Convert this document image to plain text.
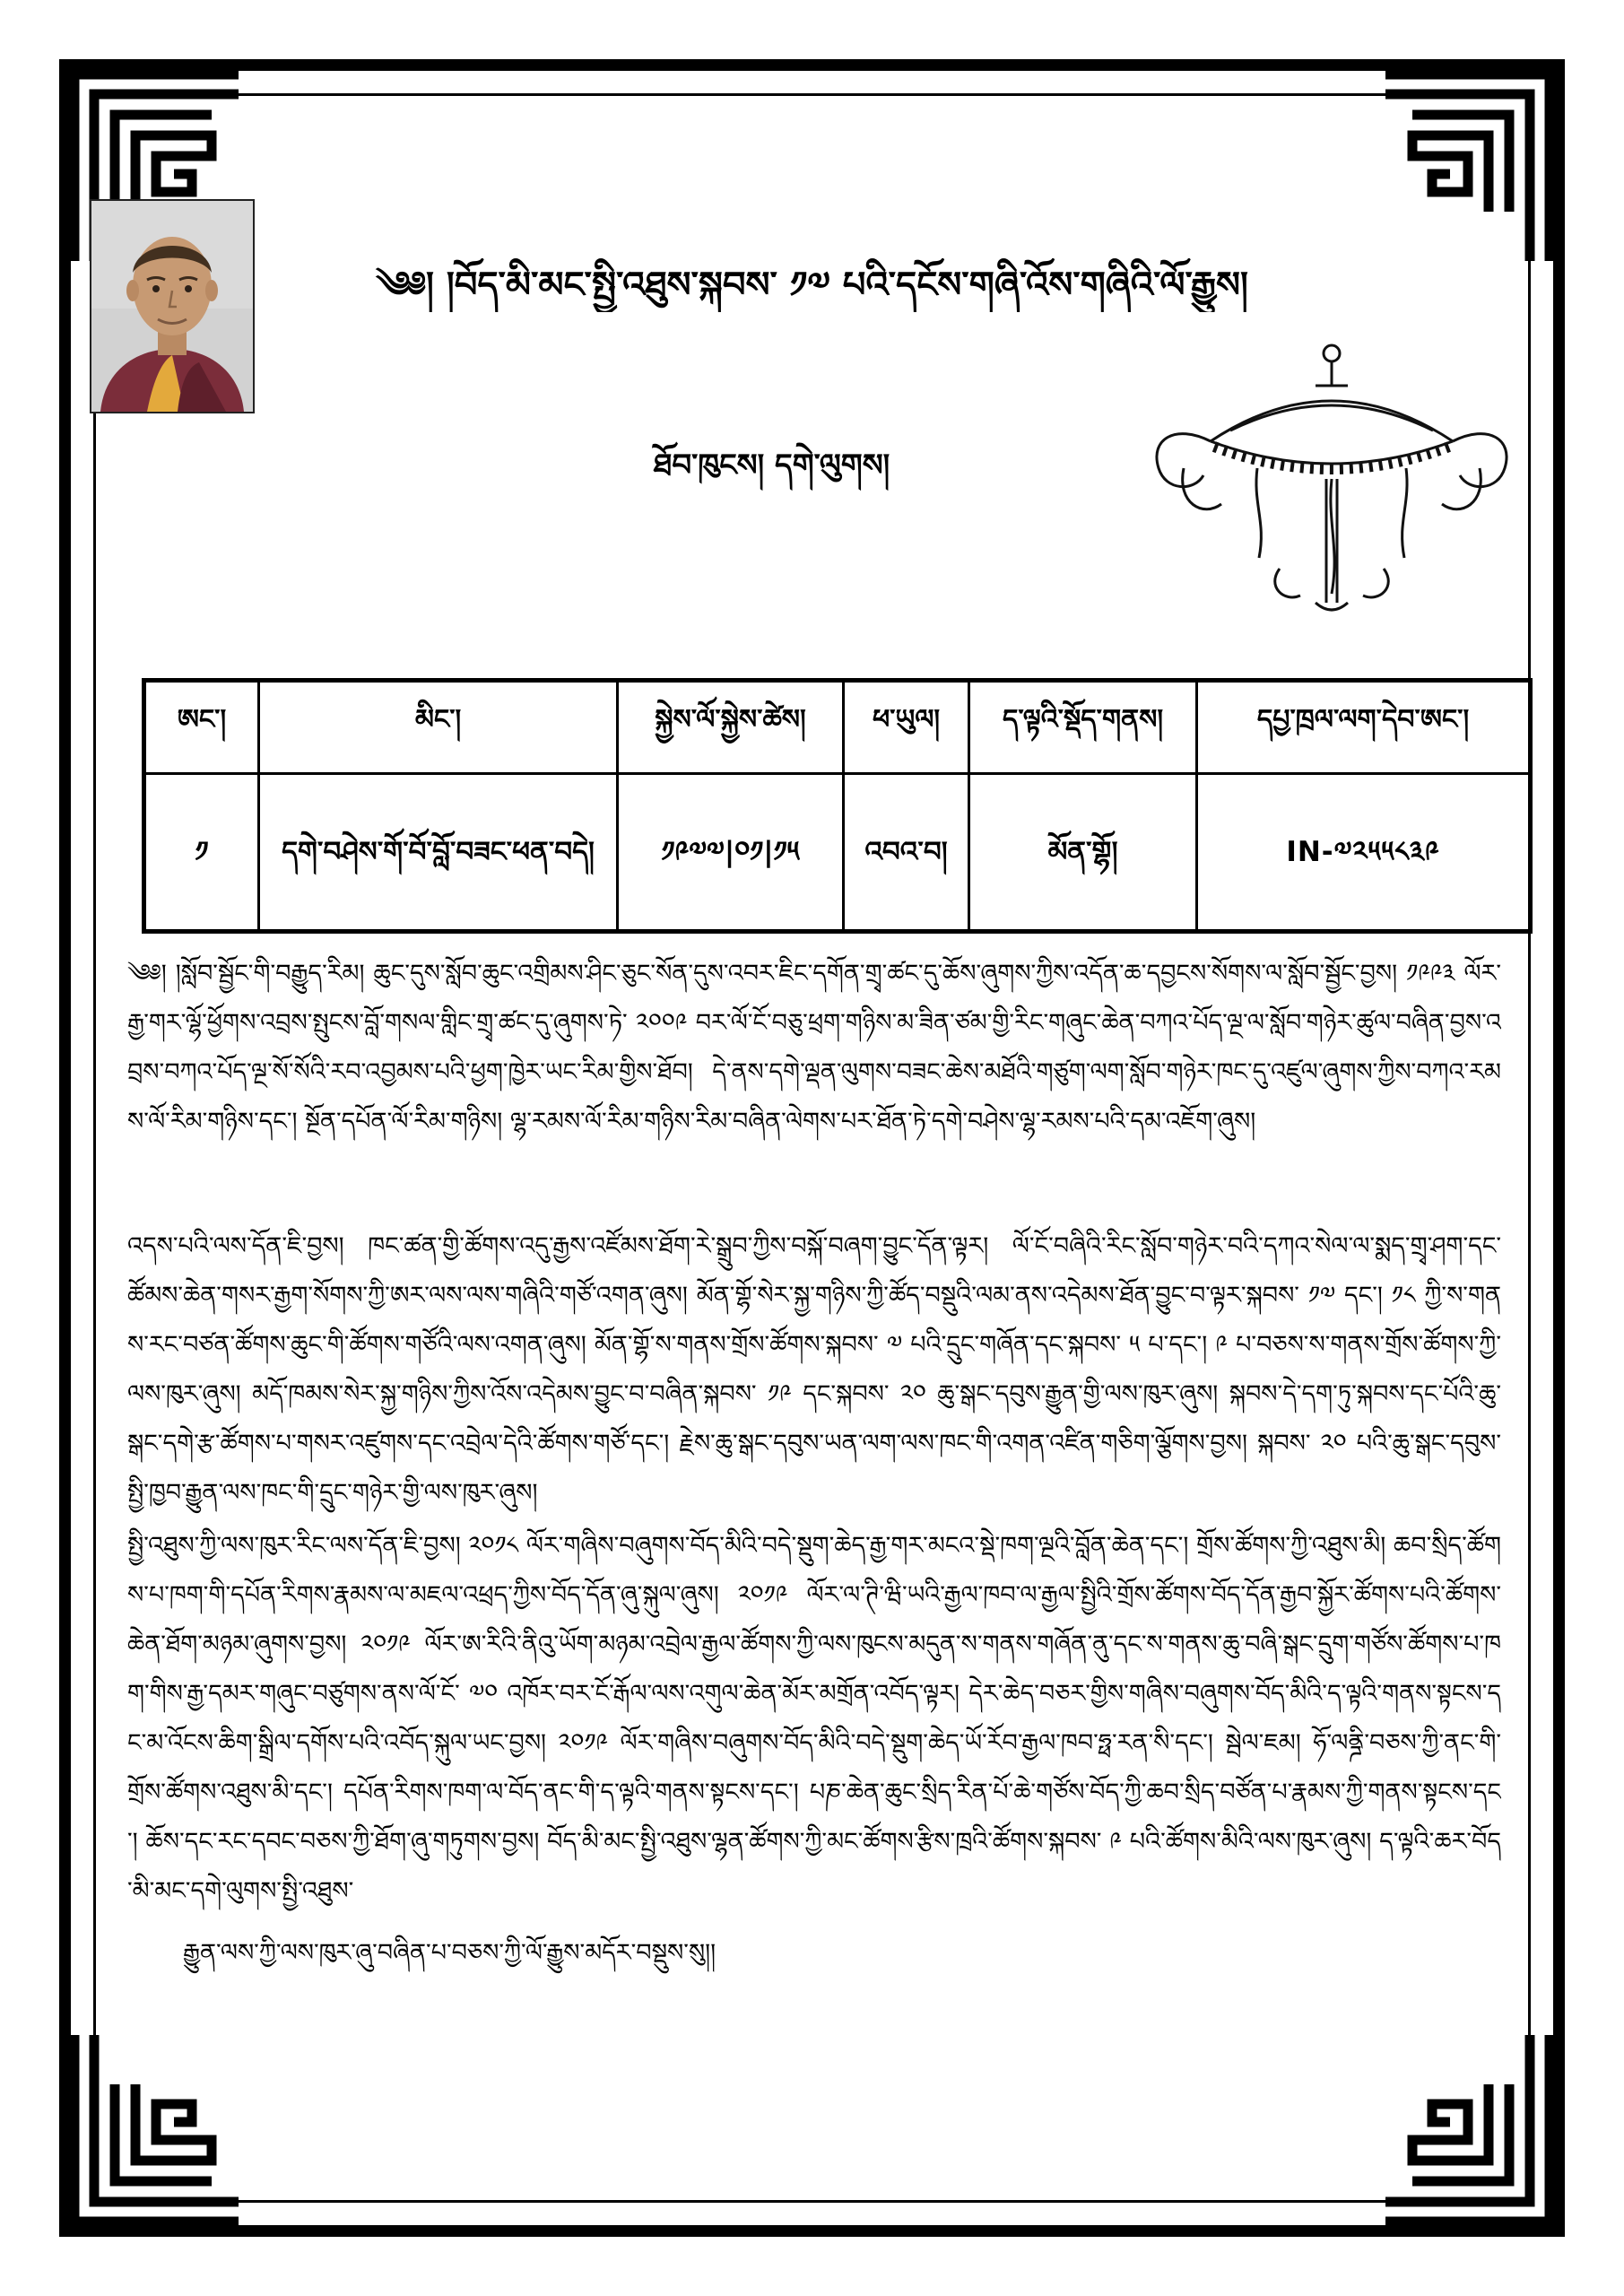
༄༅། །བོད་མི་མང་སྤྱི་འཐུས་སྐབས་ ༡༧ པའི་དངོས་གཞི་འོས་གཞིའི་ལོ་རྒྱུས།
ཐོབ་ཁུངས། དགེ་ལུགས།
ཨང་།	མིང་།	སྐྱེས་ལོ་སྐྱེས་ཚེས།	ཕ་ཡུལ།	ད་ལྟའི་སྡོད་གནས།	དཔྱ་ཁྲལ་ལག་དེབ་ཨང་།
༡	དགེ་བཤེས་གོ་བོ་བློ་བཟང་ཕན་བདེ།	༡༩༧༧|༠༡|༡༥	འབའ་བ།	མོན་གྷོ།	IN-༧༢༥༥༨༣༩
༄༅། །སློབ་སྦྱོང་གི་བརྒྱུད་རིམ། ཆུང་དུས་སློབ་ཆུང་འགྲིམས་ཤིང་ཅུང་སོན་དུས་འབར་ཇིང་དགོན་གྲྭ་ཚང་དུ་ཆོས་ཞུགས་ཀྱིས་འདོན་ཆ་དབྱངས་སོགས་ལ་སློབ་སྦྱོང་བྱས། ༡༩༩༣ ལོར་རྒྱ་གར་ལྷོ་ཕྱོགས་འབྲས་སྤུངས་བློ་གསལ་གླིང་གྲྭ་ཚང་དུ་ཞུགས་ཏེ་ ༢༠༠༩ བར་ལོ་ངོ་བཅུ་ཕྲག་གཉིས་མ་ཟིན་ཙམ་གྱི་རིང་གཞུང་ཆེན་བཀའ་པོད་ལྔ་ལ་སློབ་གཉེར་ཚུལ་བཞིན་བྱས་འབྲས་བཀའ་པོད་ལྔ་སོ་སོའི་རབ་འབྱམས་པའི་ཕྱག་ཁྱེར་ཡང་རིམ་གྱིས་ཐོབ། དེ་ནས་དགེ་ལྡན་ལུགས་བཟང་ཆེས་མཐོའི་གཙུག་ལག་སློབ་གཉེར་ཁང་དུ་འཛུལ་ཞུགས་ཀྱིས་བཀའ་རམས་ལོ་རིམ་གཉིས་དང་། སྔོན་དཔོན་ལོ་རིམ་གཉིས། ལྷ་རམས་ལོ་རིམ་གཉིས་རིམ་བཞིན་ལེགས་པར་ཐོན་ཏེ་དགེ་བཤེས་ལྷ་རམས་པའི་དམ་འཇོག་ཞུས།
འདས་པའི་ལས་དོན་ཇི་བྱས། ཁང་ཚན་གྱི་ཚོགས་འདུ་རྒྱས་འཛོམས་ཐོག་རེ་སྒྲུབ་ཀྱིས་བསྐོ་བཞག་བྱུང་དོན་ལྟར། ལོ་ངོ་བཞིའི་རིང་སློབ་གཉེར་བའི་དཀའ་སེལ་ལ་སྨད་གྲྭ་ཤག་དང་ཚོམས་ཆེན་གསར་རྒྱག་སོགས་ཀྱི་ཨར་ལས་ལས་གཞིའི་གཙོ་འགན་ཞུས། མོན་གྷོ་སེར་སྐྱ་གཉིས་ཀྱི་ཚོད་བསྡུའི་ལམ་ནས་འདེམས་ཐོན་བྱུང་བ་ལྟར་སྐབས་ ༡༧ དང་། ༡༨ ཀྱི་ས་གནས་རང་བཙན་ཚོགས་ཆུང་གི་ཚོགས་གཙོའི་ལས་འགན་ཞུས། མོན་གྷོ་ས་གནས་གྲོས་ཚོགས་སྐབས་ ༧ པའི་དྲུང་གཞོན་དང་སྐབས་ ༥ པ་དང་། ༩ པ་བཅས་ས་གནས་གྲོས་ཚོགས་ཀྱི་ལས་ཁུར་ཞུས། མདོ་ཁམས་སེར་སྐྱ་གཉིས་ཀྱིས་འོས་འདེམས་བྱུང་བ་བཞིན་སྐབས་ ༡༩ དང་སྐབས་ ༢༠ ཆུ་སྒང་དབུས་རྒྱུན་གྱི་ལས་ཁུར་ཞུས། སྐབས་དེ་དག་ཏུ་སྐབས་དང་པོའི་ཆུ་སྒང་དགེ་རྩ་ཚོགས་པ་གསར་འཛུགས་དང་འབྲེལ་དེའི་ཚོགས་གཙོ་དང་། རྗེས་ཆུ་སྒང་དབུས་ཡན་ལག་ལས་ཁང་གི་འགན་འཛིན་གཅིག་ལྕོགས་བྱས། སྐབས་ ༢༠ པའི་ཆུ་སྒང་དབུས་སྤྱི་ཁྱབ་རྒྱུན་ལས་ཁང་གི་དྲུང་གཉེར་གྱི་ལས་ཁུར་ཞུས།
སྤྱི་འཐུས་ཀྱི་ལས་ཁུར་རིང་ལས་དོན་ཇི་བྱས། ༢༠༡༨ ལོར་གཞིས་བཞུགས་བོད་མིའི་བདེ་སྡུག་ཆེད་རྒྱ་གར་མངའ་སྡེ་ཁག་ལྔའི་བློན་ཆེན་དང་། གྲོས་ཚོགས་ཀྱི་འཐུས་མི། ཆབ་སྲིད་ཚོགས་པ་ཁག་གི་དཔོན་རིགས་རྣམས་ལ་མཇལ་འཕྲད་ཀྱིས་བོད་དོན་ཞུ་སྐུལ་ཞུས། ༢༠༡༩ ལོར་ལ་ཊི་ཝི་ཡའི་རྒྱལ་ཁབ་ལ་རྒྱལ་སྤྱིའི་གྲོས་ཚོགས་བོད་དོན་རྒྱབ་སྐྱོར་ཚོགས་པའི་ཚོགས་ཆེན་ཐོག་མཉམ་ཞུགས་བྱས། ༢༠༡༩ ལོར་ཨ་རིའི་ནིའུ་ཡོག་མཉམ་འབྲེལ་རྒྱལ་ཚོགས་ཀྱི་ལས་ཁུངས་མདུན་ས་གནས་གཞོན་ནུ་དང་ས་གནས་ཆུ་བཞི་སྒང་དྲུག་གཙོས་ཚོགས་པ་ཁག་གིས་རྒྱ་དམར་གཞུང་བཙུགས་ནས་ལོ་ངོ་ ༧༠ འཁོར་བར་ངོ་རྒོལ་ལས་འགུལ་ཆེན་མོར་མགྲོན་འབོད་ལྟར། དེར་ཆེད་བཅར་གྱིས་གཞིས་བཞུགས་བོད་མིའི་ད་ལྟའི་གནས་སྟངས་དང་མ་འོངས་ཆིག་སྒྲིལ་དགོས་པའི་འབོད་སྐུལ་ཡང་བྱས། ༢༠༡༩ ལོར་གཞིས་བཞུགས་བོད་མིའི་བདེ་སྡུག་ཆེད་ཡོ་རོབ་རྒྱལ་ཁབ་ཧྥ་རན་སི་དང་། སྦེལ་ཇམ། ཧོ་ལནྜི་བཅས་ཀྱི་ནང་གི་གྲོས་ཚོགས་འཐུས་མི་དང་། དཔོན་རིགས་ཁག་ལ་བོད་ནང་གི་ད་ལྟའི་གནས་སྟངས་དང་། པཎ་ཆེན་ཆུང་སྲིད་རིན་པོ་ཆེ་གཙོས་བོད་ཀྱི་ཆབ་སྲིད་བཙོན་པ་རྣམས་ཀྱི་གནས་སྟངས་དང་། ཆོས་དང་རང་དབང་བཅས་ཀྱི་ཐོག་ཞུ་གཏུགས་བྱས། བོད་མི་མང་སྤྱི་འཐུས་ལྷན་ཚོགས་ཀྱི་མང་ཚོགས་རྩིས་ཁྲའི་ཚོགས་སྐབས་ ༩ པའི་ཚོགས་མིའི་ལས་ཁུར་ཞུས། ད་ལྟའི་ཆར་བོད་མི་མང་དགེ་ལུགས་སྤྱི་འཐུས་
རྒྱུན་ལས་ཀྱི་ལས་ཁུར་ཞུ་བཞིན་པ་བཅས་ཀྱི་ལོ་རྒྱུས་མདོར་བསྡུས་སུ།།
